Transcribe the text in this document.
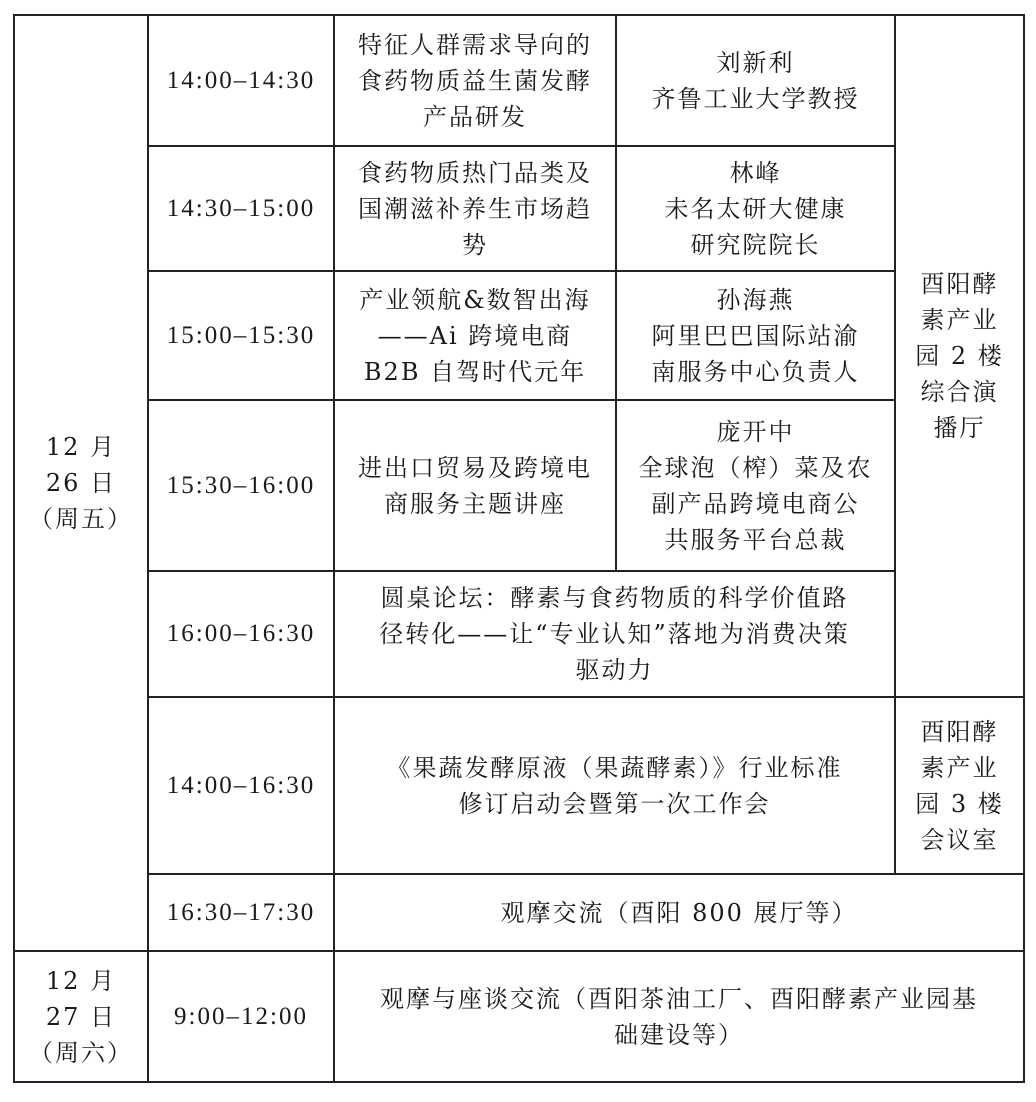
12 月
26 日
（周五）	14:00–14:30	特征人群需求导向的
食药物质益生菌发酵
产品研发	刘新利
齐鲁工业大学教授	酉阳酵
素产业
园 2 楼
综合演
播厅

	14:30–15:00	食药物质热门品类及
国潮滋补养生市场趋
势	林峰
未名太研大健康
研究院院长	

	15:00–15:30	产业领航&数智出海
——Ai 跨境电商
B2B 自驾时代元年	孙海燕
阿里巴巴国际站渝
南服务中心负责人	

	15:30–16:00	进出口贸易及跨境电
商服务主题讲座	庞开中
全球泡（榨）菜及农
副产品跨境电商公
共服务平台总裁	

	16:00–16:30	圆桌论坛：酵素与食药物质的科学价值路
径转化——让“专业认知”落地为消费决策
驱动力		

	14:00–16:30	《果蔬发酵原液（果蔬酵素）》行业标准
修订启动会暨第一次工作会		酉阳酵
素产业
园 3 楼
会议室

	16:30–17:30	观摩交流（酉阳 800 展厅等）		

12 月
27 日
（周六）	9:00–12:00	观摩与座谈交流（酉阳茶油工厂、酉阳酵素产业园基
础建设等）		
